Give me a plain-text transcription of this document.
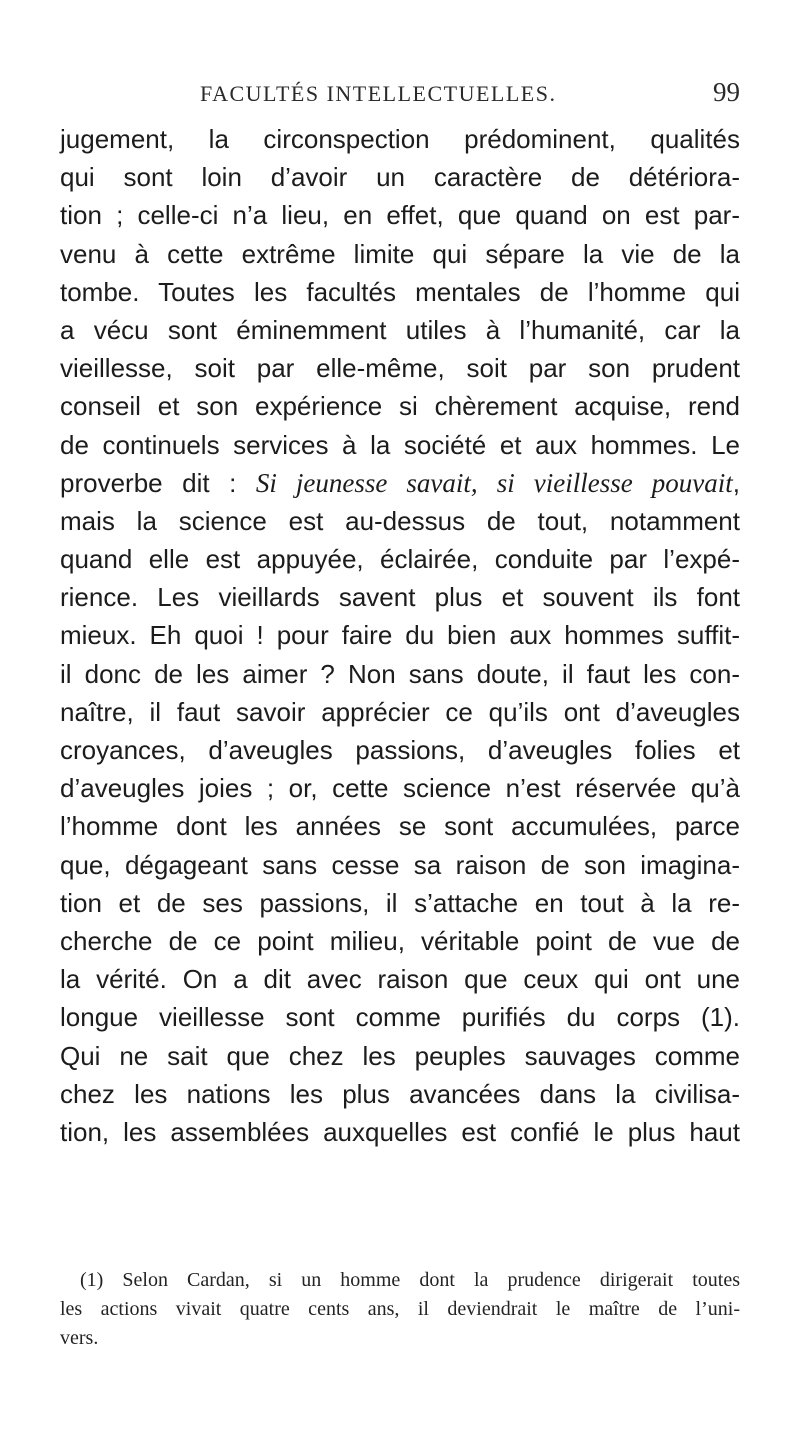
FACULTÉS INTELLECTUELLES.	99
jugement, la circonspection prédominent, qualités
qui sont loin d’avoir un caractère de détériora-
tion ; celle-ci n’a lieu, en effet, que quand on est par-
venu à cette extrême limite qui sépare la vie de la
tombe. Toutes les facultés mentales de l’homme qui
a vécu sont éminemment utiles à l’humanité, car la
vieillesse, soit par elle-même, soit par son prudent
conseil et son expérience si chèrement acquise, rend
de continuels services à la société et aux hommes. Le
proverbe dit : Si jeunesse savait, si vieillesse pouvait,
mais la science est au-dessus de tout, notamment
quand elle est appuyée, éclairée, conduite par l’expé-
rience. Les vieillards savent plus et souvent ils font
mieux. Eh quoi ! pour faire du bien aux hommes suffit-
il donc de les aimer ? Non sans doute, il faut les con-
naître, il faut savoir apprécier ce qu’ils ont d’aveugles
croyances, d’aveugles passions, d’aveugles folies et
d’aveugles joies ; or, cette science n’est réservée qu’à
l’homme dont les années se sont accumulées, parce
que, dégageant sans cesse sa raison de son imagina-
tion et de ses passions, il s’attache en tout à la re-
cherche de ce point milieu, véritable point de vue de
la vérité. On a dit avec raison que ceux qui ont une
longue vieillesse sont comme purifiés du corps (1).
Qui ne sait que chez les peuples sauvages comme
chez les nations les plus avancées dans la civilisa-
tion, les assemblées auxquelles est confié le plus haut
(1) Selon Cardan, si un homme dont la prudence dirigerait toutes
les actions vivait quatre cents ans, il deviendrait le maître de l’uni-
vers.
